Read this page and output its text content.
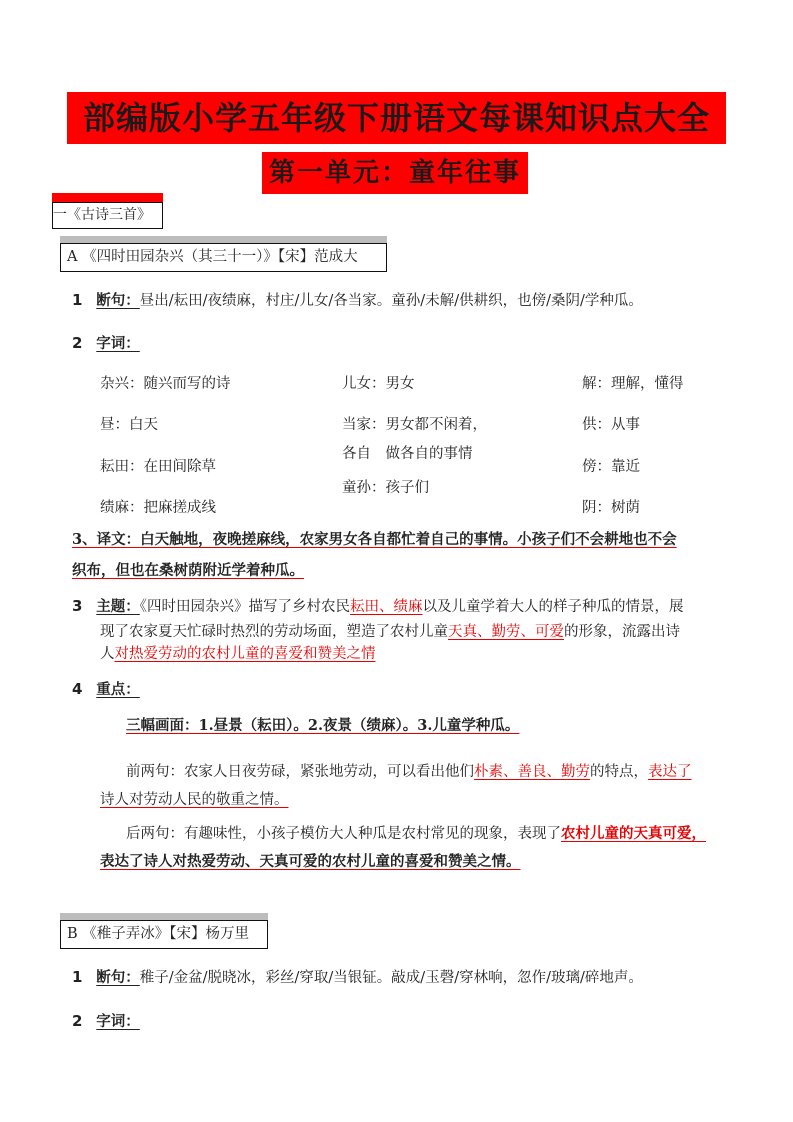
部编版小学五年级下册语文每课知识点大全
第一单元：童年往事
一《古诗三首》
A 《四时田园杂兴（其三十一）》【宋】范成大
1 断句：昼出/耘田/夜绩麻，村庄/儿女/各当家。童孙/未解/供耕织，也傍/桑阴/学种瓜。
2 字词：
杂兴：随兴而写的诗
昼：白天
耘田：在田间除草
绩麻：把麻搓成线
儿女：男女
当家：男女都不闲着，
各自　做各自的事情
童孙：孩子们
解：理解，懂得
供：从事
傍：靠近
阴：树荫
3、译文：白天触地，夜晚搓麻线，农家男女各自都忙着自己的事情。小孩子们不会耕地也不会
织布，但也在桑树荫附近学着种瓜。
3 主题：《四时田园杂兴》描写了乡村农民耘田、绩麻以及儿童学着大人的样子种瓜的情景，展
现了农家夏天忙碌时热烈的劳动场面，塑造了农村儿童天真、勤劳、可爱的形象，流露出诗
人对热爱劳动的农村儿童的喜爱和赞美之情
4 重点：
三幅画面：1.昼景（耘田）。2.夜景（绩麻）。3.儿童学种瓜。
前两句：农家人日夜劳碌，紧张地劳动，可以看出他们朴素、善良、勤劳的特点，表达了
诗人对劳动人民的敬重之情。
后两句：有趣味性，小孩子模仿大人种瓜是农村常见的现象，表现了农村儿童的天真可爱，
表达了诗人对热爱劳动、天真可爱的农村儿童的喜爱和赞美之情。
B 《稚子弄冰》【宋】杨万里
1 断句：稚子/金盆/脱晓冰，彩丝/穿取/当银钲。敲成/玉磬/穿林响，忽作/玻璃/碎地声。
2 字词：
